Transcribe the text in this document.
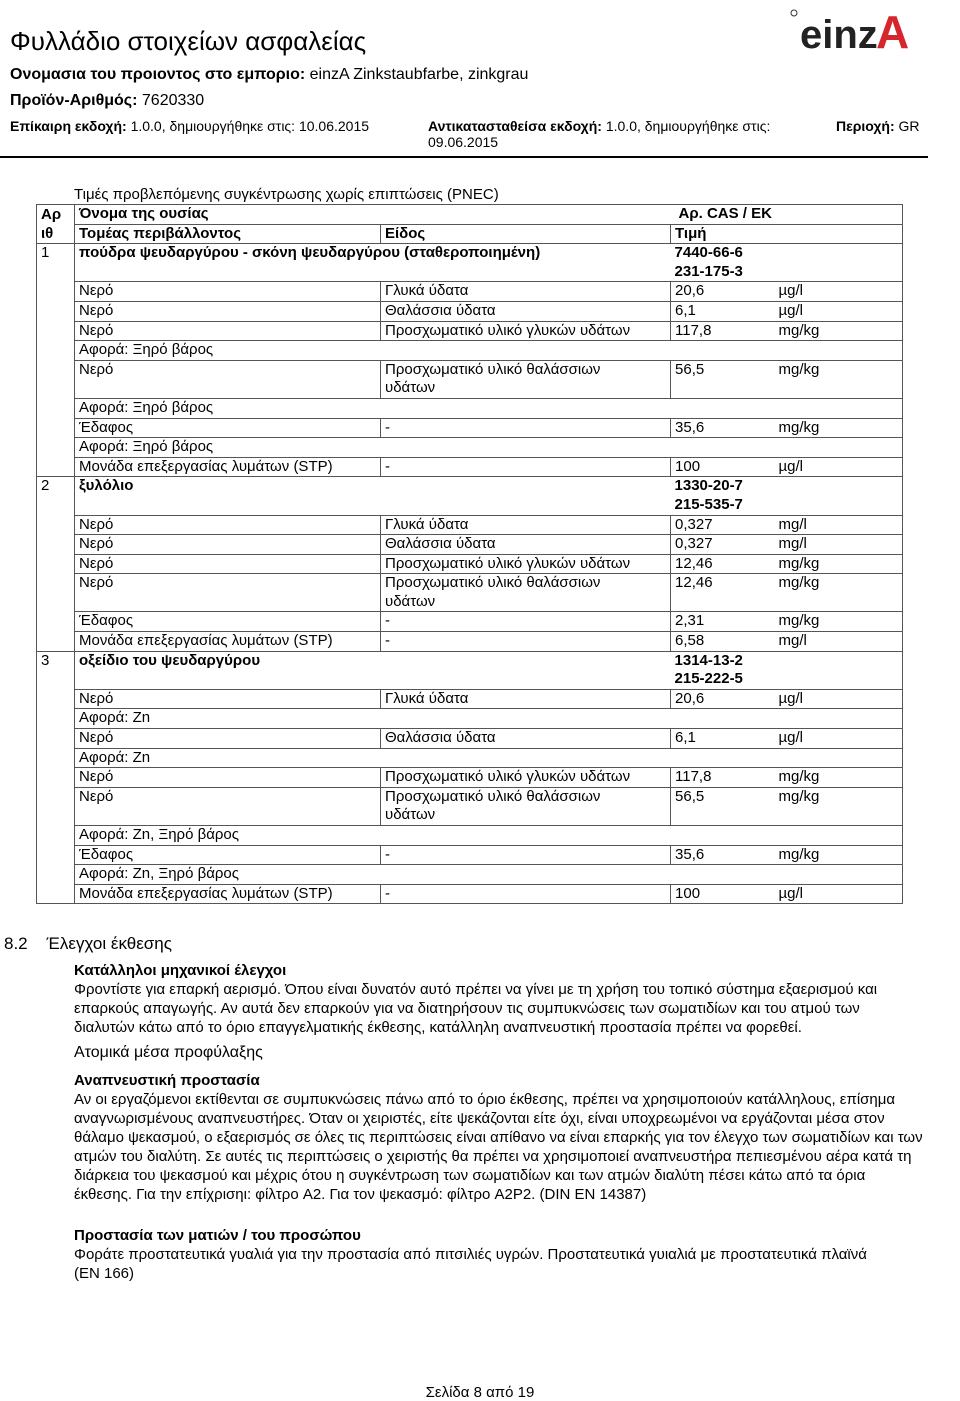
Φυλλάδιο στοιχείων ασφαλείας	einz
A
Ονομασια του προιοντος στο εμποριο: einzA Zinkstaubfarbe, zinkgrau
Προϊόν-Αριθμός: 7620330
Επίκαιρη εκδοχή: 1.0.0, δημιουργήθηκε στις: 10.06.2015	Αντικατασταθείσα εκδοχή: 1.0.0, δημιουργήθηκε στις:
09.06.2015
Περιοχή: GR
Τιμές προβλεπόμενης συγκέντρωσης χωρίς επιπτώσεις (PNEC)
Αρ ιθ	Όνομα της ουσίας		Αρ. CAS / ΕΚ	
	Τομέας περιβάλλοντος	Είδος	Τιμή	
1	πούδρα ψευδαργύρου - σκόνη ψευδαργύρου (σταθεροποιημένη)		7440-66-6	
			231-175-3	
	Νερό	Γλυκά ύδατα	20,6	µg/l
	Νερό	Θαλάσσια ύδατα	6,1	µg/l
	Νερό	Προσχωματικό υλικό γλυκών υδάτων	117,8	mg/kg
	Αφορά: Ξηρό βάρος			
	Νερό	Προσχωματικό υλικό θαλάσσιων	56,5	mg/kg
		υδάτων		
	Αφορά: Ξηρό βάρος			
	Έδαφος	-	35,6	mg/kg
	Αφορά: Ξηρό βάρος			
	Μονάδα επεξεργασίας λυμάτων (STP)	-	100	µg/l
2	ξυλόλιο		1330-20-7	
			215-535-7	
	Νερό	Γλυκά ύδατα	0,327	mg/l
	Νερό	Θαλάσσια ύδατα	0,327	mg/l
	Νερό	Προσχωματικό υλικό γλυκών υδάτων	12,46	mg/kg
	Νερό	Προσχωματικό υλικό θαλάσσιων	12,46	mg/kg
		υδάτων		
	Έδαφος	-	2,31	mg/kg
	Μονάδα επεξεργασίας λυμάτων (STP)	-	6,58	mg/l
3	οξείδιο του ψευδαργύρου		1314-13-2	
			215-222-5	
	Νερό	Γλυκά ύδατα	20,6	µg/l
	Αφορά: Zn			
	Νερό	Θαλάσσια ύδατα	6,1	µg/l
	Αφορά: Zn			
	Νερό	Προσχωματικό υλικό γλυκών υδάτων	117,8	mg/kg
	Νερό	Προσχωματικό υλικό θαλάσσιων	56,5	mg/kg
		υδάτων		
	Αφορά: Zn, Ξηρό βάρος			
	Έδαφος	-	35,6	mg/kg
	Αφορά: Zn, Ξηρό βάρος			
	Μονάδα επεξεργασίας λυμάτων (STP)	-	100	µg/l
8.2 Έλεγχοι έκθεσης
Κατάλληλοι μηχανικοί έλεγχοι
Φροντίστε για επαρκή αερισμό. Όπου είναι δυνατόν αυτό πρέπει να γίνει με τη χρήση του τοπικό σύστημα εξαερισμού και επαρκούς απαγωγής. Αν αυτά δεν επαρκούν για να διατηρήσουν τις συμπυκνώσεις των σωματιδίων και του ατμού των διαλυτών κάτω από το όριο επαγγελματικής έκθεσης, κατάλληλη αναπνευστική προστασία πρέπει να φορεθεί.
Ατομικά μέσα προφύλαξης
Αναπνευστική προστασία
Αν οι εργαζόμενοι εκτίθενται σε συμπυκνώσεις πάνω από το όριο έκθεσης, πρέπει να χρησιμοποιούν κατάλληλους, επίσημα αναγνωρισμένους αναπνευστήρες. Όταν οι χειριστές, είτε ψεκάζονται είτε όχι, είναι υποχρεωμένοι να εργάζονται μέσα στον θάλαμο ψεκασμού, ο εξαερισμός σε όλες τις περιπτώσεις είναι απίθανο να είναι επαρκής για τον έλεγχο των σωματιδίων και των ατμών του διαλύτη. Σε αυτές τις περιπτώσεις ο χειριστής θα πρέπει να χρησιμοποιεί αναπνευστήρα πεπιεσμένου αέρα κατά τη διάρκεια του ψεκασμού και μέχρις ότου η συγκέντρωση των σωματιδίων και των ατμών διαλύτη πέσει κάτω από τα όρια έκθεσης. Για την επίχρισηι: φίλτρο A2. Για τον ψεκασμό: φίλτρο A2P2. (DIN EN 14387)
Προστασία των ματιών / του προσώπου
Φοράτε προστατευτικά γυαλιά για την προστασία από πιτσιλιές υγρών. Προστατευτικά γυιαλιά με προστατευτικά πλαϊνά (EN 166)
Σελίδα 8 από 19
